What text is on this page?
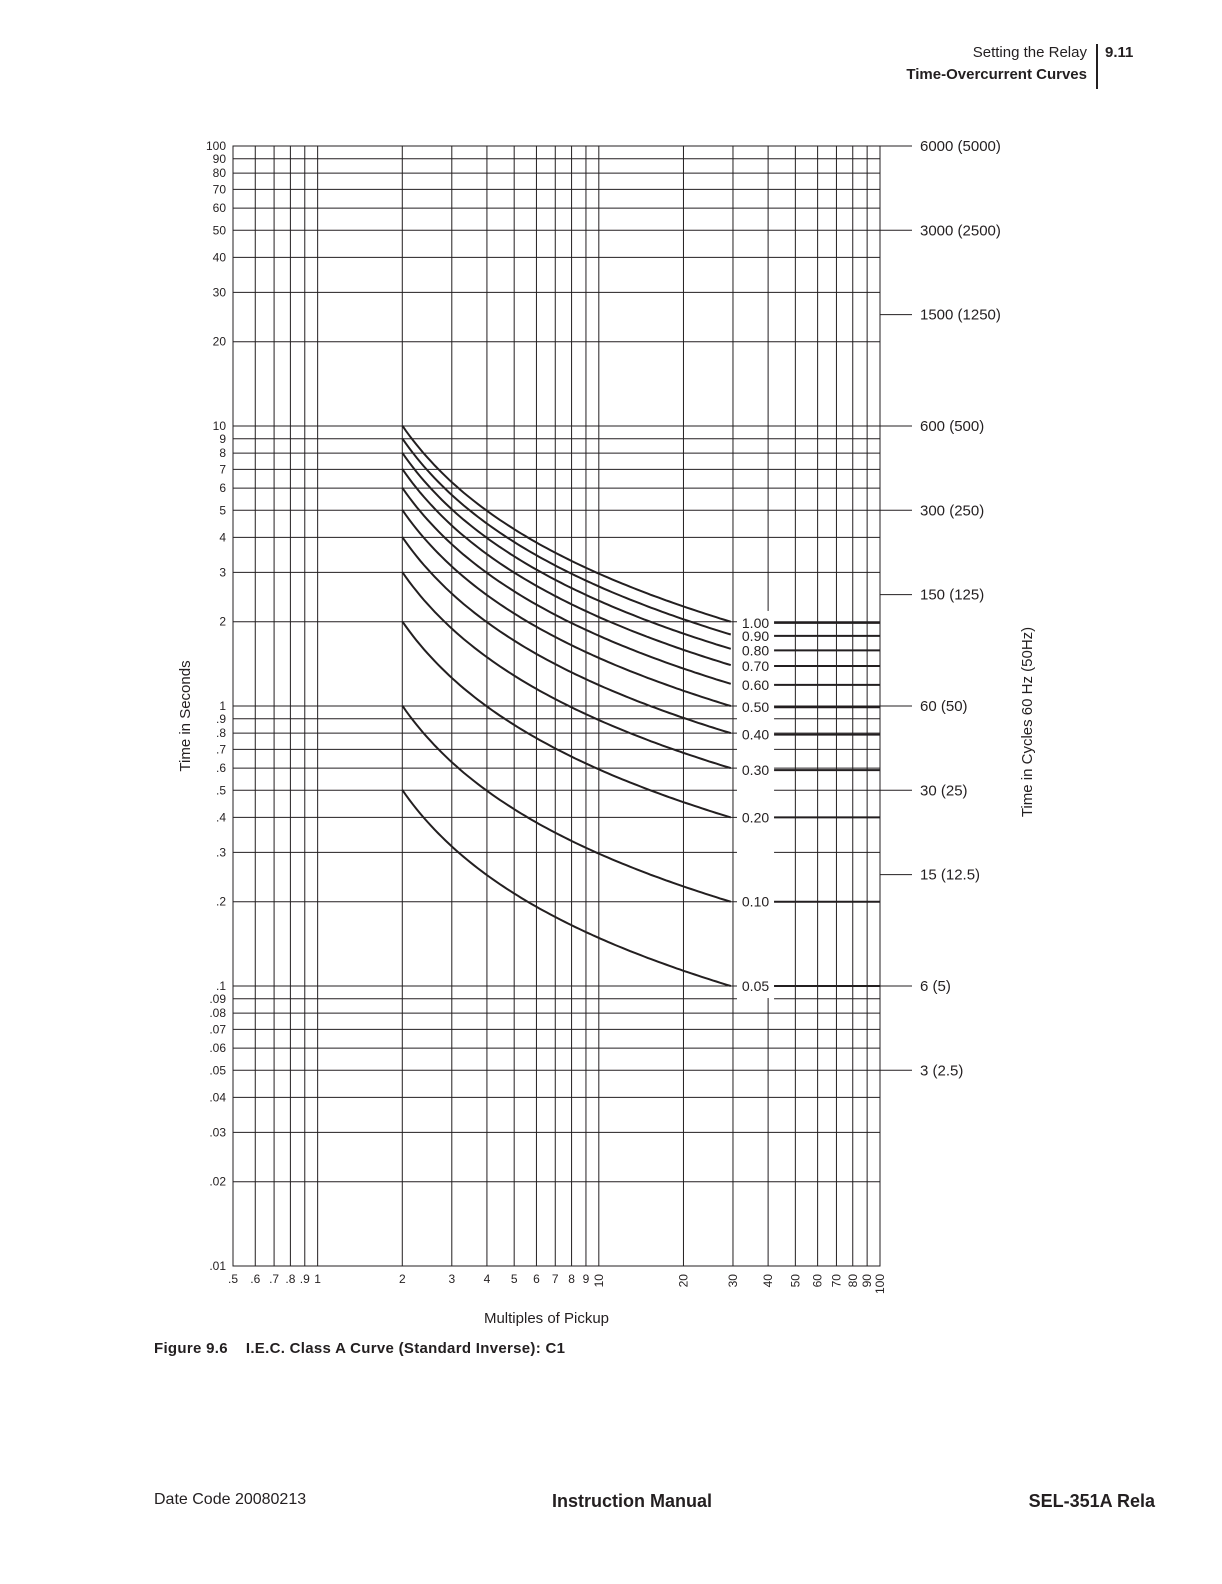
Setting the Relay
Time-Overcurrent Curves
9.11
1.00
0.90
0.80
0.70
0.60
0.50
0.40
0.30
0.20
0.10
0.05
100
90
80
70
60
50
40
30
20
10
9
8
7
6
5
4
3
2
1
.9
.8
.7
.6
.5
.4
.3
.2
.1
.09
.08
.07
.06
.05
.04
.03
.02
.01
.5 .6 .7 .8 .9 1	2	3 4 5 6 7 8 9 10	20	30 40 50 60 70 80 90
100
6000 (5000)
3000 (2500)
1500 (1250)
600 (500)
300 (250)
150 (125)
60 (50)
30 (25)
15 (12.5)
6 (5)
3 (2.5)
Multiples of Pickup
Time in Seconds	Time in Cycles 60 Hz (50Hz)
Figure 9.6 I.E.C. Class A Curve (Standard Inverse): C1
Date Code 20080213	Instruction Manual	SEL-351A Rela
